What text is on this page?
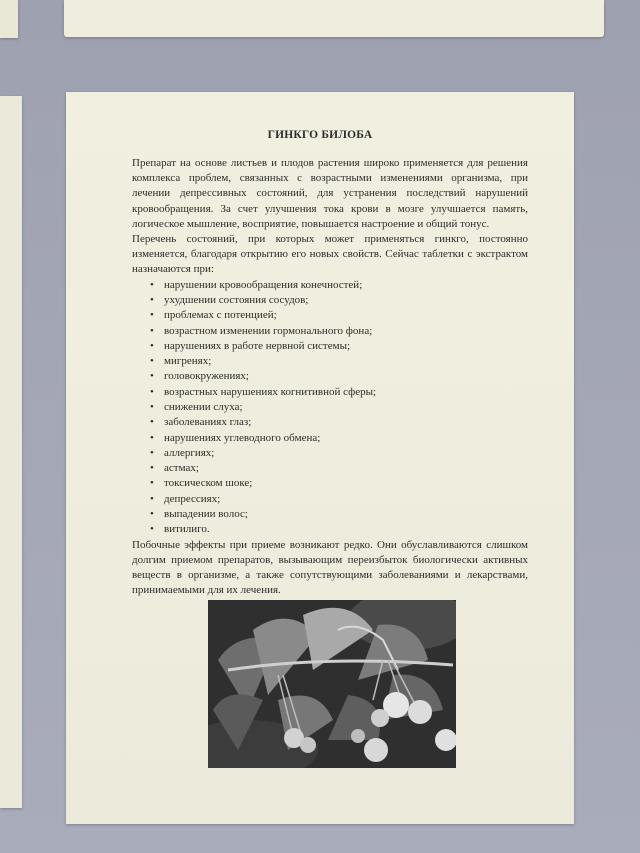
ГИНКГО БИЛОБА

Препарат на основе листьев и плодов растения широко применяется для решения комплекса проблем, связанных с возрастными изменениями организма, при лечении депрессивных состояний, для устранения последствий нарушений кровообращения. За счет улучшения тока крови в мозге улучшается память, логическое мышление, восприятие, повышается настроение и общий тонус.

Перечень состояний, при которых может применяться гинкго, постоянно изменяется, благодаря открытию его новых свойств. Сейчас таблетки с экстрактом назначаются при:

• нарушении кровообращения конечностей;
• ухудшении состояния сосудов;
• проблемах с потенцией;
• возрастном изменении гормонального фона;
• нарушениях в работе нервной системы;
• мигренях;
• головокружениях;
• возрастных нарушениях когнитивной сферы;
• снижении слуха;
• заболеваниях глаз;
• нарушениях углеводного обмена;
• аллергиях;
• астмах;
• токсическом шоке;
• депрессиях;
• выпадении волос;
• витилиго.

Побочные эффекты при приеме возникают редко. Они обуславливаются слишком долгим приемом препаратов, вызывающим переизбыток биологически активных веществ в организме, а также сопутствующими заболеваниями и лекарствами, принимаемыми для их лечения.
